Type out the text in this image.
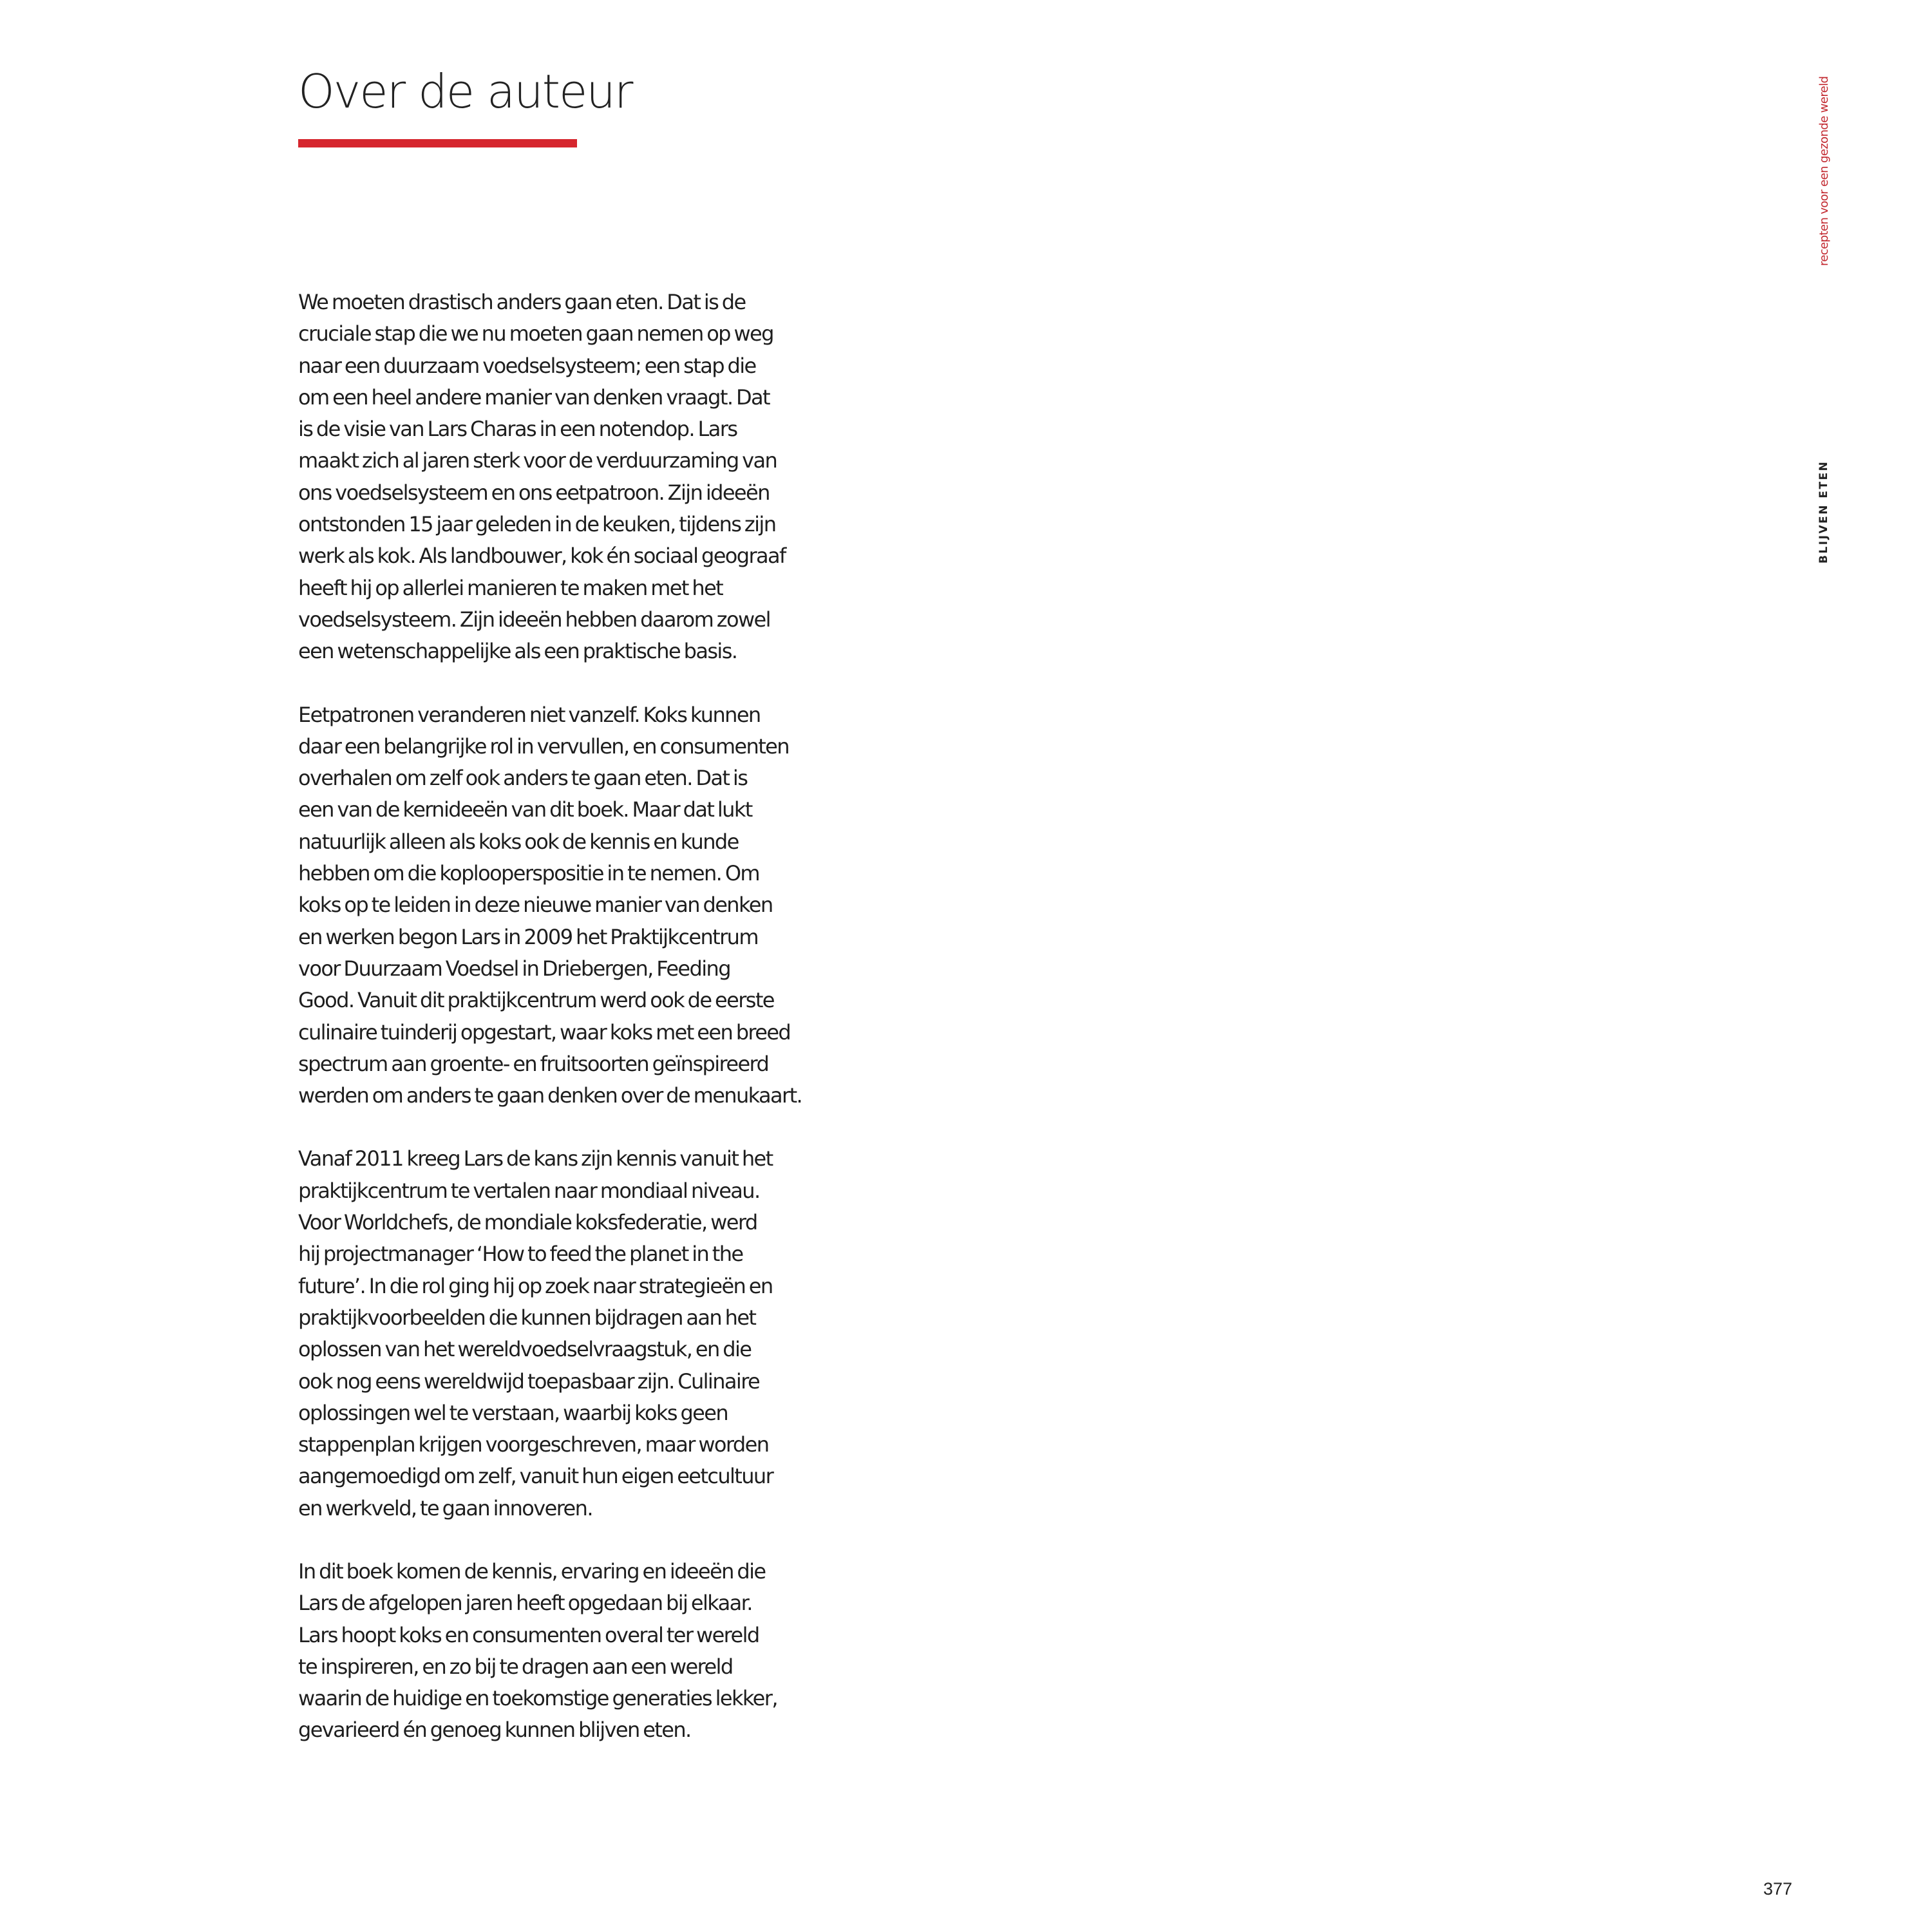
Over de auteur

We moeten drastisch anders gaan eten. Dat is de
cruciale stap die we nu moeten gaan nemen op weg
naar een duurzaam voedselsysteem; een stap die
om een heel andere manier van denken vraagt. Dat
is de visie van Lars Charas in een notendop. Lars
maakt zich al jaren sterk voor de verduurzaming van
ons voedselsysteem en ons eetpatroon. Zijn ideeën
ontstonden 15 jaar geleden in de keuken, tijdens zijn
werk als kok. Als landbouwer, kok én sociaal geograaf
heeft hij op allerlei manieren te maken met het
voedselsysteem. Zijn ideeën hebben daarom zowel
een wetenschappelijke als een praktische basis.

Eetpatronen veranderen niet vanzelf. Koks kunnen
daar een belangrijke rol in vervullen, en consumenten
overhalen om zelf ook anders te gaan eten. Dat is
een van de kernideeën van dit boek. Maar dat lukt
natuurlijk alleen als koks ook de kennis en kunde
hebben om die koplooperspositie in te nemen. Om
koks op te leiden in deze nieuwe manier van denken
en werken begon Lars in 2009 het Praktijkcentrum
voor Duurzaam Voedsel in Driebergen, Feeding
Good. Vanuit dit praktijkcentrum werd ook de eerste
culinaire tuinderij opgestart, waar koks met een breed
spectrum aan groente- en fruitsoorten geïnspireerd
werden om anders te gaan denken over de menukaart.

Vanaf 2011 kreeg Lars de kans zijn kennis vanuit het
praktijkcentrum te vertalen naar mondiaal niveau.
Voor Worldchefs, de mondiale koksfederatie, werd
hij projectmanager ‘How to feed the planet in the
future’. In die rol ging hij op zoek naar strategieën en
praktijkvoorbeelden die kunnen bijdragen aan het
oplossen van het wereldvoedselvraagstuk, en die
ook nog eens wereldwijd toepasbaar zijn. Culinaire
oplossingen wel te verstaan, waarbij koks geen
stappenplan krijgen voorgeschreven, maar worden
aangemoedigd om zelf, vanuit hun eigen eetcultuur
en werkveld, te gaan innoveren.

In dit boek komen de kennis, ervaring en ideeën die
Lars de afgelopen jaren heeft opgedaan bij elkaar.
Lars hoopt koks en consumenten overal ter wereld
te inspireren, en zo bij te dragen aan een wereld
waarin de huidige en toekomstige generaties lekker,
gevarieerd én genoeg kunnen blijven eten.

recepten voor een gezonde wereld
BLIJVEN ETEN
377
